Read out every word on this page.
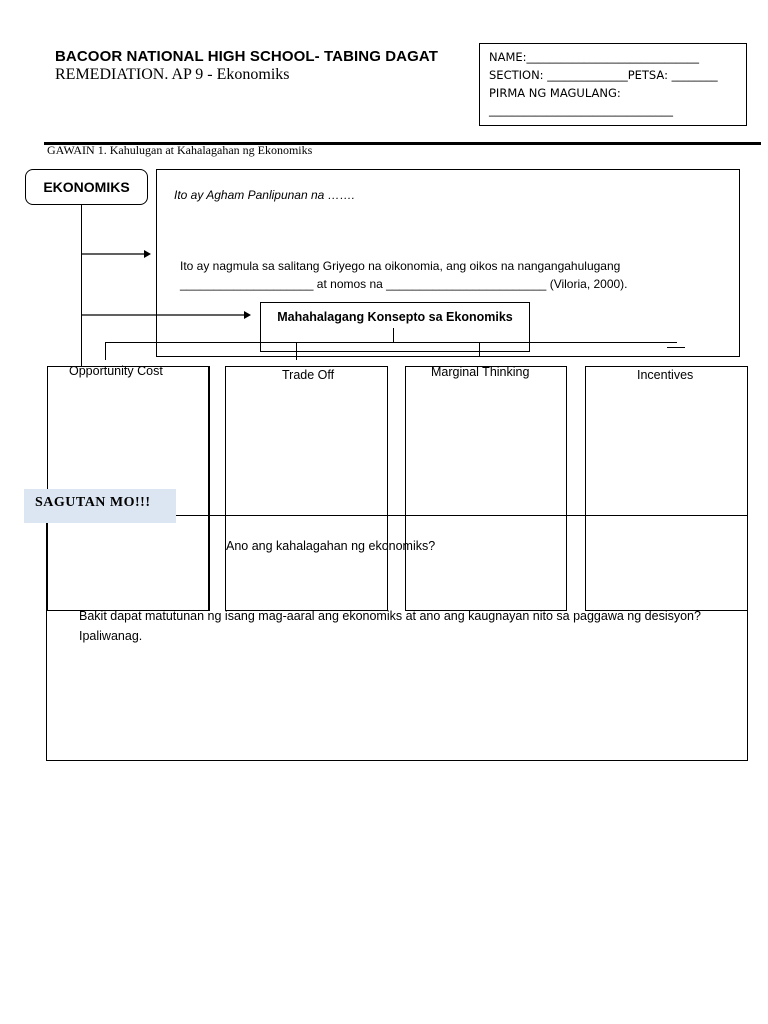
BACOOR NATIONAL HIGH SCHOOL- TABING DAGAT
REMEDIATION. AP 9 - Ekonomiks
NAME:______________________________
SECTION: ______________PETSA: ________
PIRMA NG MAGULANG:
________________________________
GAWAIN 1. Kahulugan at Kahalagahan ng Ekonomiks
Ito ay Agham Panlipunan na …….
Ito ay nagmula sa salitang Griyego na oikonomia, ang oikos na nangangahulugang
____________________ at nomos na ________________________ (Viloria, 2000).
EKONOMIKS
Mahahalagang Konsepto sa Ekonomiks
Opportunity Cost	Trade Off	Marginal Thinking	Incentives
SAGUTAN MO!!!
Ano ang kahalagahan ng ekonomiks?
Bakit dapat matutunan ng isang mag-aaral ang ekonomiks at ano ang kaugnayan nito sa paggawa ng desisyon? Ipaliwanag.
